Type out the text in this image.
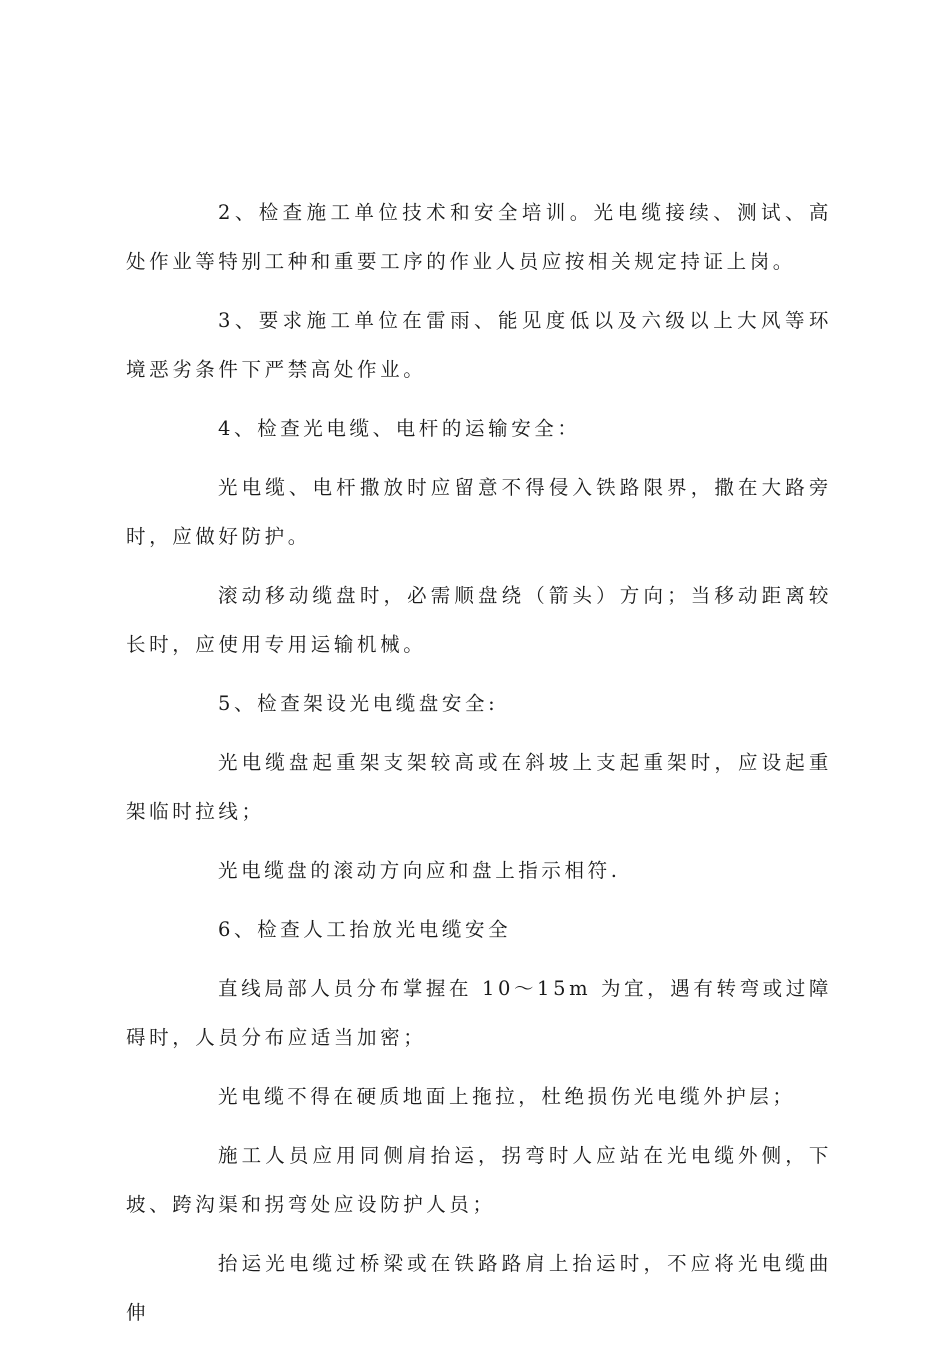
2、检查施工单位技术和安全培训。光电缆接续、测试、高处作业等特别工种和重要工序的作业人员应按相关规定持证上岗。

3、要求施工单位在雷雨、能见度低以及六级以上大风等环境恶劣条件下严禁高处作业。

4、检查光电缆、电杆的运输安全：

光电缆、电杆撒放时应留意不得侵入铁路限界，撒在大路旁时，应做好防护。

滚动移动缆盘时，必需顺盘绕（箭头）方向；当移动距离较长时，应使用专用运输机械。

5、检查架设光电缆盘安全:

光电缆盘起重架支架较高或在斜坡上支起重架时，应设起重架临时拉线；

光电缆盘的滚动方向应和盘上指示相符.

6、检查人工抬放光电缆安全

直线局部人员分布掌握在 10～15m 为宜，遇有转弯或过障碍时，人员分布应适当加密；

光电缆不得在硬质地面上拖拉，杜绝损伤光电缆外护层；

施工人员应用同侧肩抬运，拐弯时人应站在光电缆外侧，下坡、跨沟渠和拐弯处应设防护人员；

抬运光电缆过桥梁或在铁路路肩上抬运时，不应将光电缆曲伸
